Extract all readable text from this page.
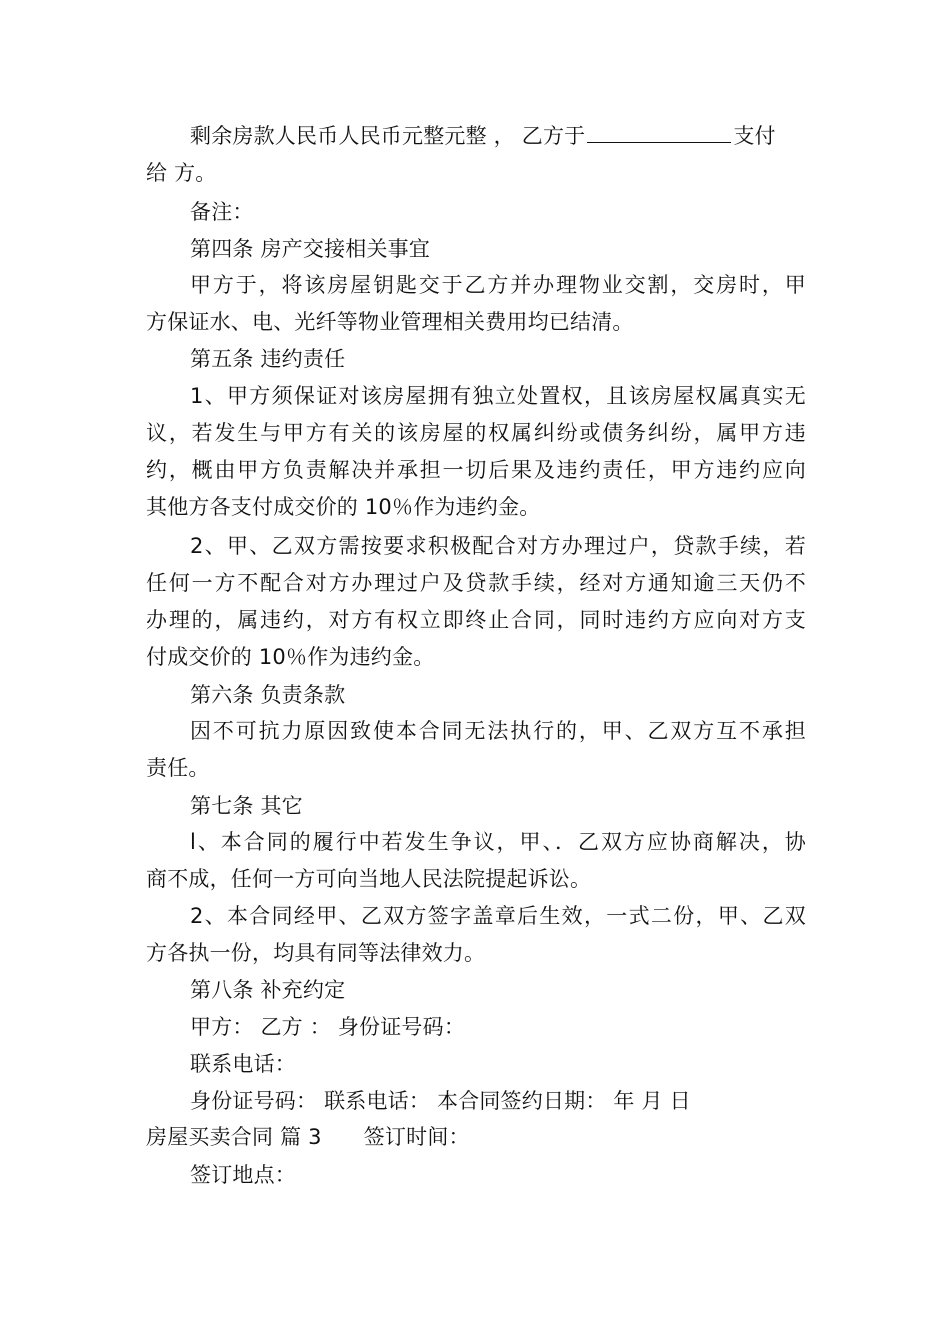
剩余房款人民币人民币元整元整 ， 乙方于	支付
给 方。
备注：
第四条 房产交接相关事宜
甲方于，将该房屋钥匙交于乙方并办理物业交割，交房时，甲
方保证水、电、光纤等物业管理相关费用均已结清。
第五条 违约责任
1、甲方须保证对该房屋拥有独立处置权，且该房屋权属真实无
议，若发生与甲方有关的该房屋的权属纠纷或债务纠纷，属甲方违
约，概由甲方负责解决并承担一切后果及违约责任，甲方违约应向
其他方各支付成交价的 10％作为违约金。
2、甲、乙双方需按要求积极配合对方办理过户，贷款手续，若
任何一方不配合对方办理过户及贷款手续，经对方通知逾三天仍不
办理的，属违约，对方有权立即终止合同，同时违约方应向对方支
付成交价的 10％作为违约金。
第六条 负责条款
因不可抗力原因致使本合同无法执行的，甲、乙双方互不承担
责任。
第七条 其它
l、本合同的履行中若发生争议，甲、．乙双方应协商解决，协
商不成，任何一方可向当地人民法院提起诉讼。
2、本合同经甲、乙双方签字盖章后生效，一式二份，甲、乙双
方各执一份，均具有同等法律效力。
第八条 补充约定
甲方： 乙方 ： 身份证号码：
联系电话：
身份证号码： 联系电话： 本合同签约日期： 年 月 日
房屋买卖合同 篇 3 签订时间：
签订地点：
